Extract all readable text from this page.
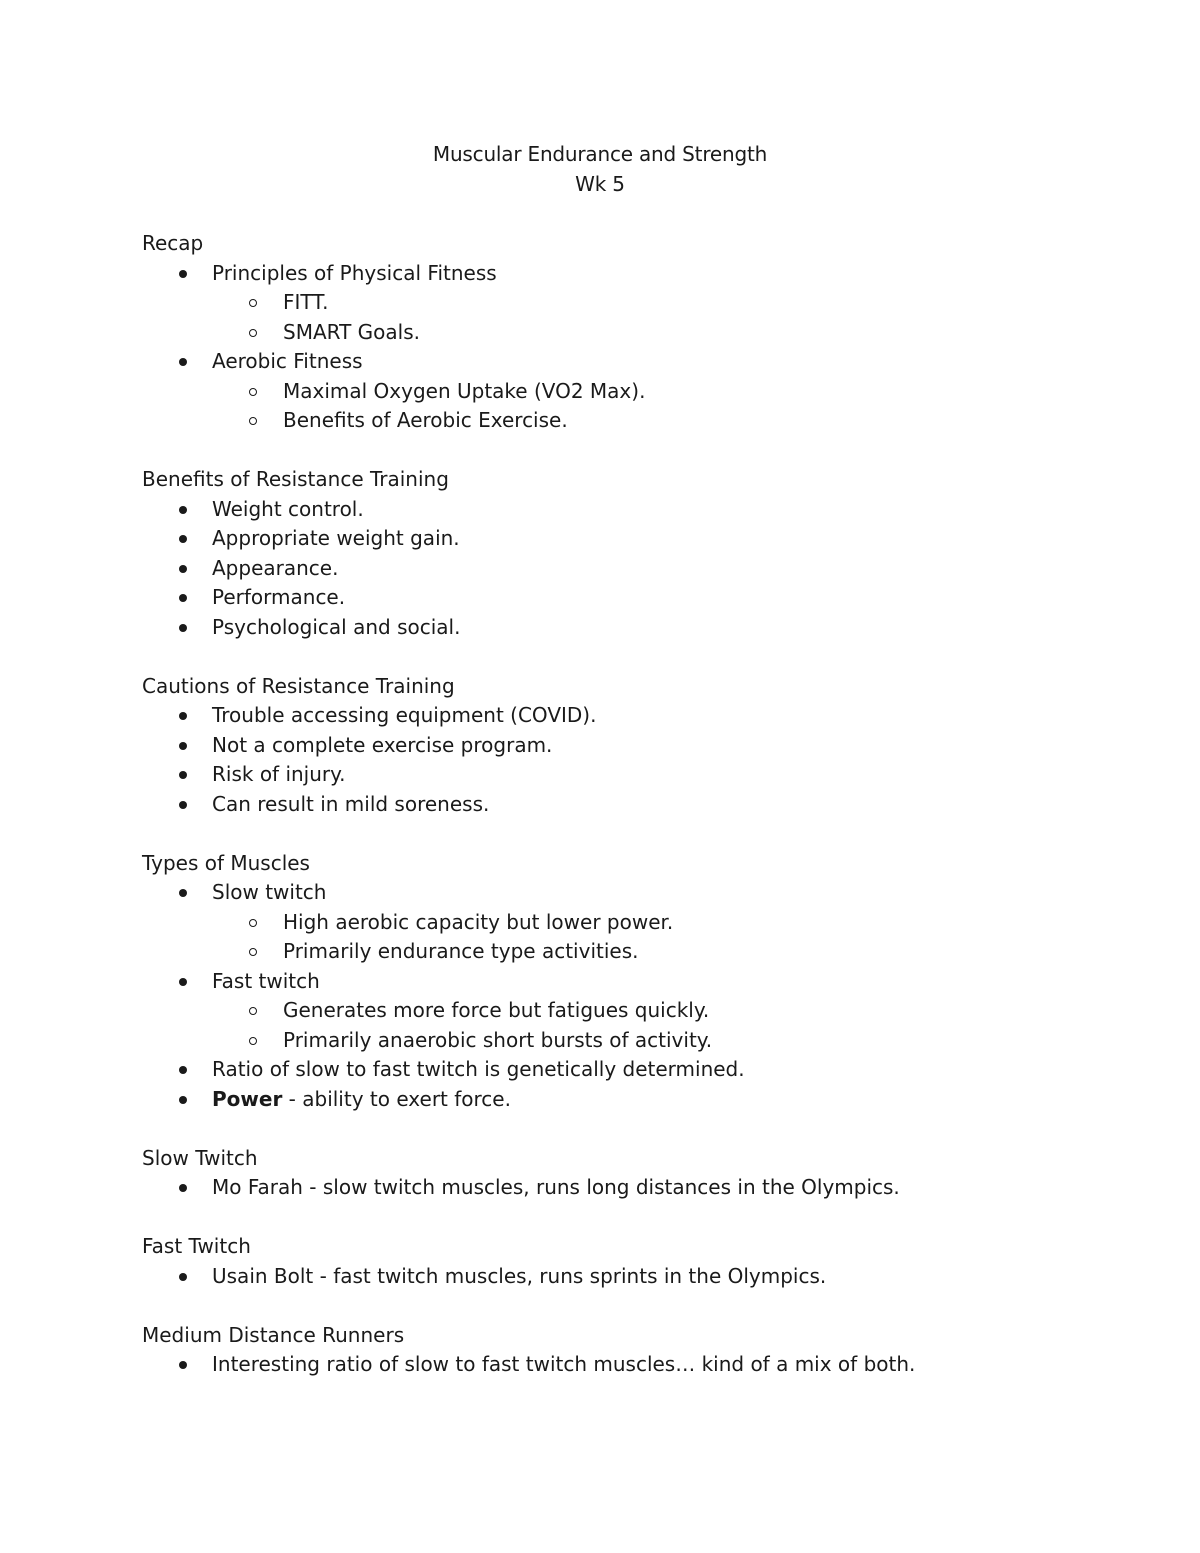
Muscular Endurance and Strength
Wk 5
Recap
Principles of Physical Fitness
FITT.
SMART Goals.
Aerobic Fitness
Maximal Oxygen Uptake (VO2 Max).
Benefits of Aerobic Exercise.
Benefits of Resistance Training
Weight control.
Appropriate weight gain.
Appearance.
Performance.
Psychological and social.
Cautions of Resistance Training
Trouble accessing equipment (COVID).
Not a complete exercise program.
Risk of injury.
Can result in mild soreness.
Types of Muscles
Slow twitch
High aerobic capacity but lower power.
Primarily endurance type activities.
Fast twitch
Generates more force but fatigues quickly.
Primarily anaerobic short bursts of activity.
Ratio of slow to fast twitch is genetically determined.
Power - ability to exert force.
Slow Twitch
Mo Farah - slow twitch muscles, runs long distances in the Olympics.
Fast Twitch
Usain Bolt - fast twitch muscles, runs sprints in the Olympics.
Medium Distance Runners
Interesting ratio of slow to fast twitch muscles… kind of a mix of both.
